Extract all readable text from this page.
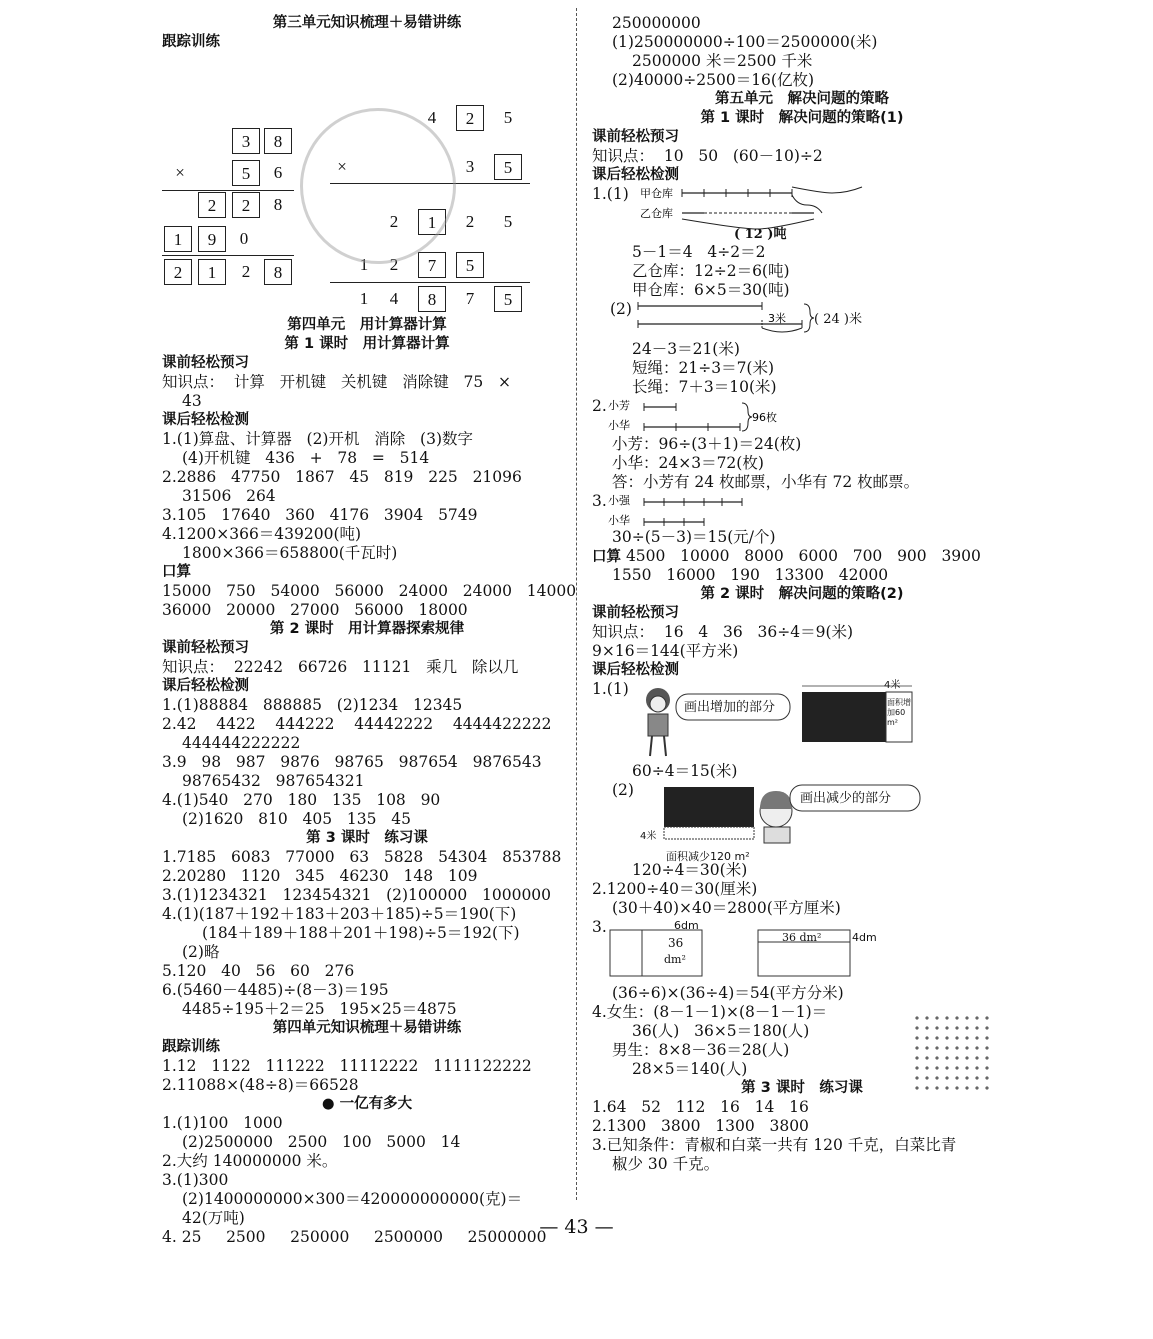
第三单元知识梳理＋易错讲练
跟踪训练
3	8
×	5	6
2	2	8
1	9	0
2	1	2	8
4	2	5
×	3	5
2	1	2	5
1	2	7	5
1	4	8	7	5
第四单元　用计算器计算
第 1 课时　用计算器计算
课前轻松预习
知识点：  计算   开机键   关机键   消除键   75   ×
43
课后轻松检测
1.(1)算盘、计算器   (2)开机   消除   (3)数字
(4)开机键   436   +   78   =   514
2.2886   47750   1867   45   819   225   21096
31506   264
3.105   17640   360   4176   3904   5749
4.1200×366＝439200(吨)
1800×366＝658800(千瓦时)
口算
15000   750   54000   56000   24000   24000   14000
36000   20000   27000   56000   18000
第 2 课时　用计算器探索规律
课前轻松预习
知识点：  22242   66726   11121   乘几   除以几
课后轻松检测
1.(1)88884   888885   (2)1234   12345
2.42    4422    444222    44442222    4444422222
444444222222
3.9   98   987   9876   98765   987654   9876543
98765432   987654321
4.(1)540   270   180   135   108   90
(2)1620   810   405   135   45
第 3 课时　练习课
1.7185   6083   77000   63   5828   54304   853788
2.20280   1120   345   46230   148   109
3.(1)1234321   123454321   (2)100000   1000000
4.(1)(187＋192＋183＋203＋185)÷5＝190(下)
(184＋189＋188＋201＋198)÷5＝192(下)
(2)略
5.120   40   56   60   276
6.(5460－4485)÷(8－3)＝195
4485÷195＋2＝25   195×25＝4875
第四单元知识梳理＋易错讲练
跟踪训练
1.12   1122   111222   11112222   1111122222
2.11088×(48÷8)＝66528
● 一亿有多大
1.(1)100   1000
(2)2500000   2500   100   5000   14
2.大约 140000000 米。
3.(1)300
(2)1400000000×300＝420000000000(克)＝
42(万吨)
4. 25     2500     250000     2500000     25000000
250000000
(1)250000000÷100＝2500000(米)
2500000 米＝2500 千米
(2)40000÷2500＝16(亿枚)
第五单元　解决问题的策略
第 1 课时　解决问题的策略(1)
课前轻松预习
知识点：  10   50   (60－10)÷2
课后轻松检测
1.(1) 甲仓库
乙仓库
( 12 )吨
5－1＝4   4÷2＝2
乙仓库：12÷2＝6(吨)
甲仓库：6×5＝30(吨)
(2)
3米 ( 24 )米
24－3＝21(米)
短绳：21÷3＝7(米)
长绳：7＋3＝10(米)
2. 小芳
小华
96枚
小芳：96÷(3＋1)＝24(枚)
小华：24×3＝72(枚)
答：小芳有 24 枚邮票，小华有 72 枚邮票。
3. 小强
小华
30÷(5－3)＝15(元/个)
口算 4500   10000   8000   6000   700   900   3900
1550   16000   190   13300   42000
第 2 课时　解决问题的策略(2)
课前轻松预习
知识点：  16   4   36   36÷4＝9(米)
9×16＝144(平方米)
课后轻松检测
1.(1)
画出增加的部分
4米
面积增加60 m²
60÷4＝15(米)
(2)	画出减少的部分
4米
面积减少120 m²
120÷4＝30(米)
2.1200÷40＝30(厘米)
(30＋40)×40＝2800(平方厘米)
3.	6dm
36
dm²
36 dm²	4dm
(36÷6)×(36÷4)＝54(平方分米)
4.女生：(8－1－1)×(8－1－1)＝
36(人)   36×5＝180(人)
男生：8×8－36＝28(人)
28×5＝140(人)
第 3 课时　练习课
1.64   52   112   16   14   16
2.1300   3800   1300   3800
3.已知条件：青椒和白菜一共有 120 千克，白菜比青
椒少 30 千克。
— 43 —
